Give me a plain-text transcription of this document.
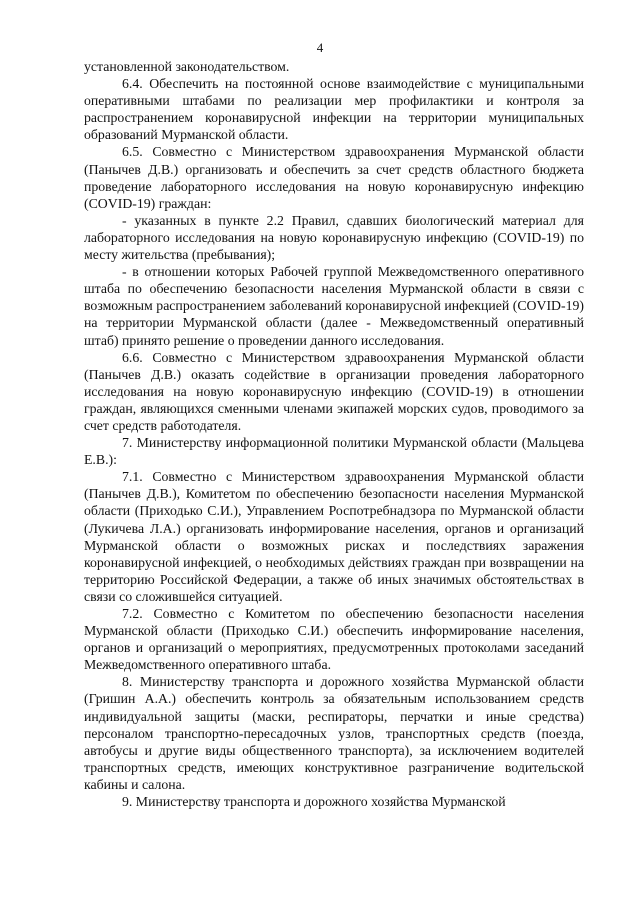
4

установленной законодательством.

6.4. Обеспечить на постоянной основе взаимодействие с муниципальными оперативными штабами по реализации мер профилактики и контроля за распространением коронавирусной инфекции на территории муниципальных образований Мурманской области.

6.5. Совместно с Министерством здравоохранения Мурманской области (Панычев Д.В.) организовать и обеспечить за счет средств областного бюджета проведение лабораторного исследования на новую коронавирусную инфекцию (COVID-19) граждан:

- указанных в пункте 2.2 Правил, сдавших биологический материал для лабораторного исследования на новую коронавирусную инфекцию (COVID-19) по месту жительства (пребывания);

- в отношении которых Рабочей группой Межведомственного оперативного штаба по обеспечению безопасности населения Мурманской области в связи с возможным распространением заболеваний коронавирусной инфекцией (COVID-19) на территории Мурманской области (далее - Межведомственный оперативный штаб) принято решение о проведении данного исследования.

6.6. Совместно с Министерством здравоохранения Мурманской области (Панычев Д.В.) оказать содействие в организации проведения лабораторного исследования на новую коронавирусную инфекцию (COVID-19) в отношении граждан, являющихся сменными членами экипажей морских судов, проводимого за счет средств работодателя.

7. Министерству информационной политики Мурманской области (Мальцева Е.В.):

7.1. Совместно с Министерством здравоохранения Мурманской области (Панычев Д.В.), Комитетом по обеспечению безопасности населения Мурманской области (Приходько С.И.), Управлением Роспотребнадзора по Мурманской области (Лукичева Л.А.) организовать информирование населения, органов и организаций Мурманской области о возможных рисках и последствиях заражения коронавирусной инфекцией, о необходимых действиях граждан при возвращении на территорию Российской Федерации, а также об иных значимых обстоятельствах в связи со сложившейся ситуацией.

7.2. Совместно с Комитетом по обеспечению безопасности населения Мурманской области (Приходько С.И.) обеспечить информирование населения, органов и организаций о мероприятиях, предусмотренных протоколами заседаний Межведомственного оперативного штаба.

8. Министерству транспорта и дорожного хозяйства Мурманской области (Гришин А.А.) обеспечить контроль за обязательным использованием средств индивидуальной защиты (маски, респираторы, перчатки и иные средства) персоналом транспортно-пересадочных узлов, транспортных средств (поезда, автобусы и другие виды общественного транспорта), за исключением водителей транспортных средств, имеющих конструктивное разграничение водительской кабины и салона.

9. Министерству транспорта и дорожного хозяйства Мурманской
